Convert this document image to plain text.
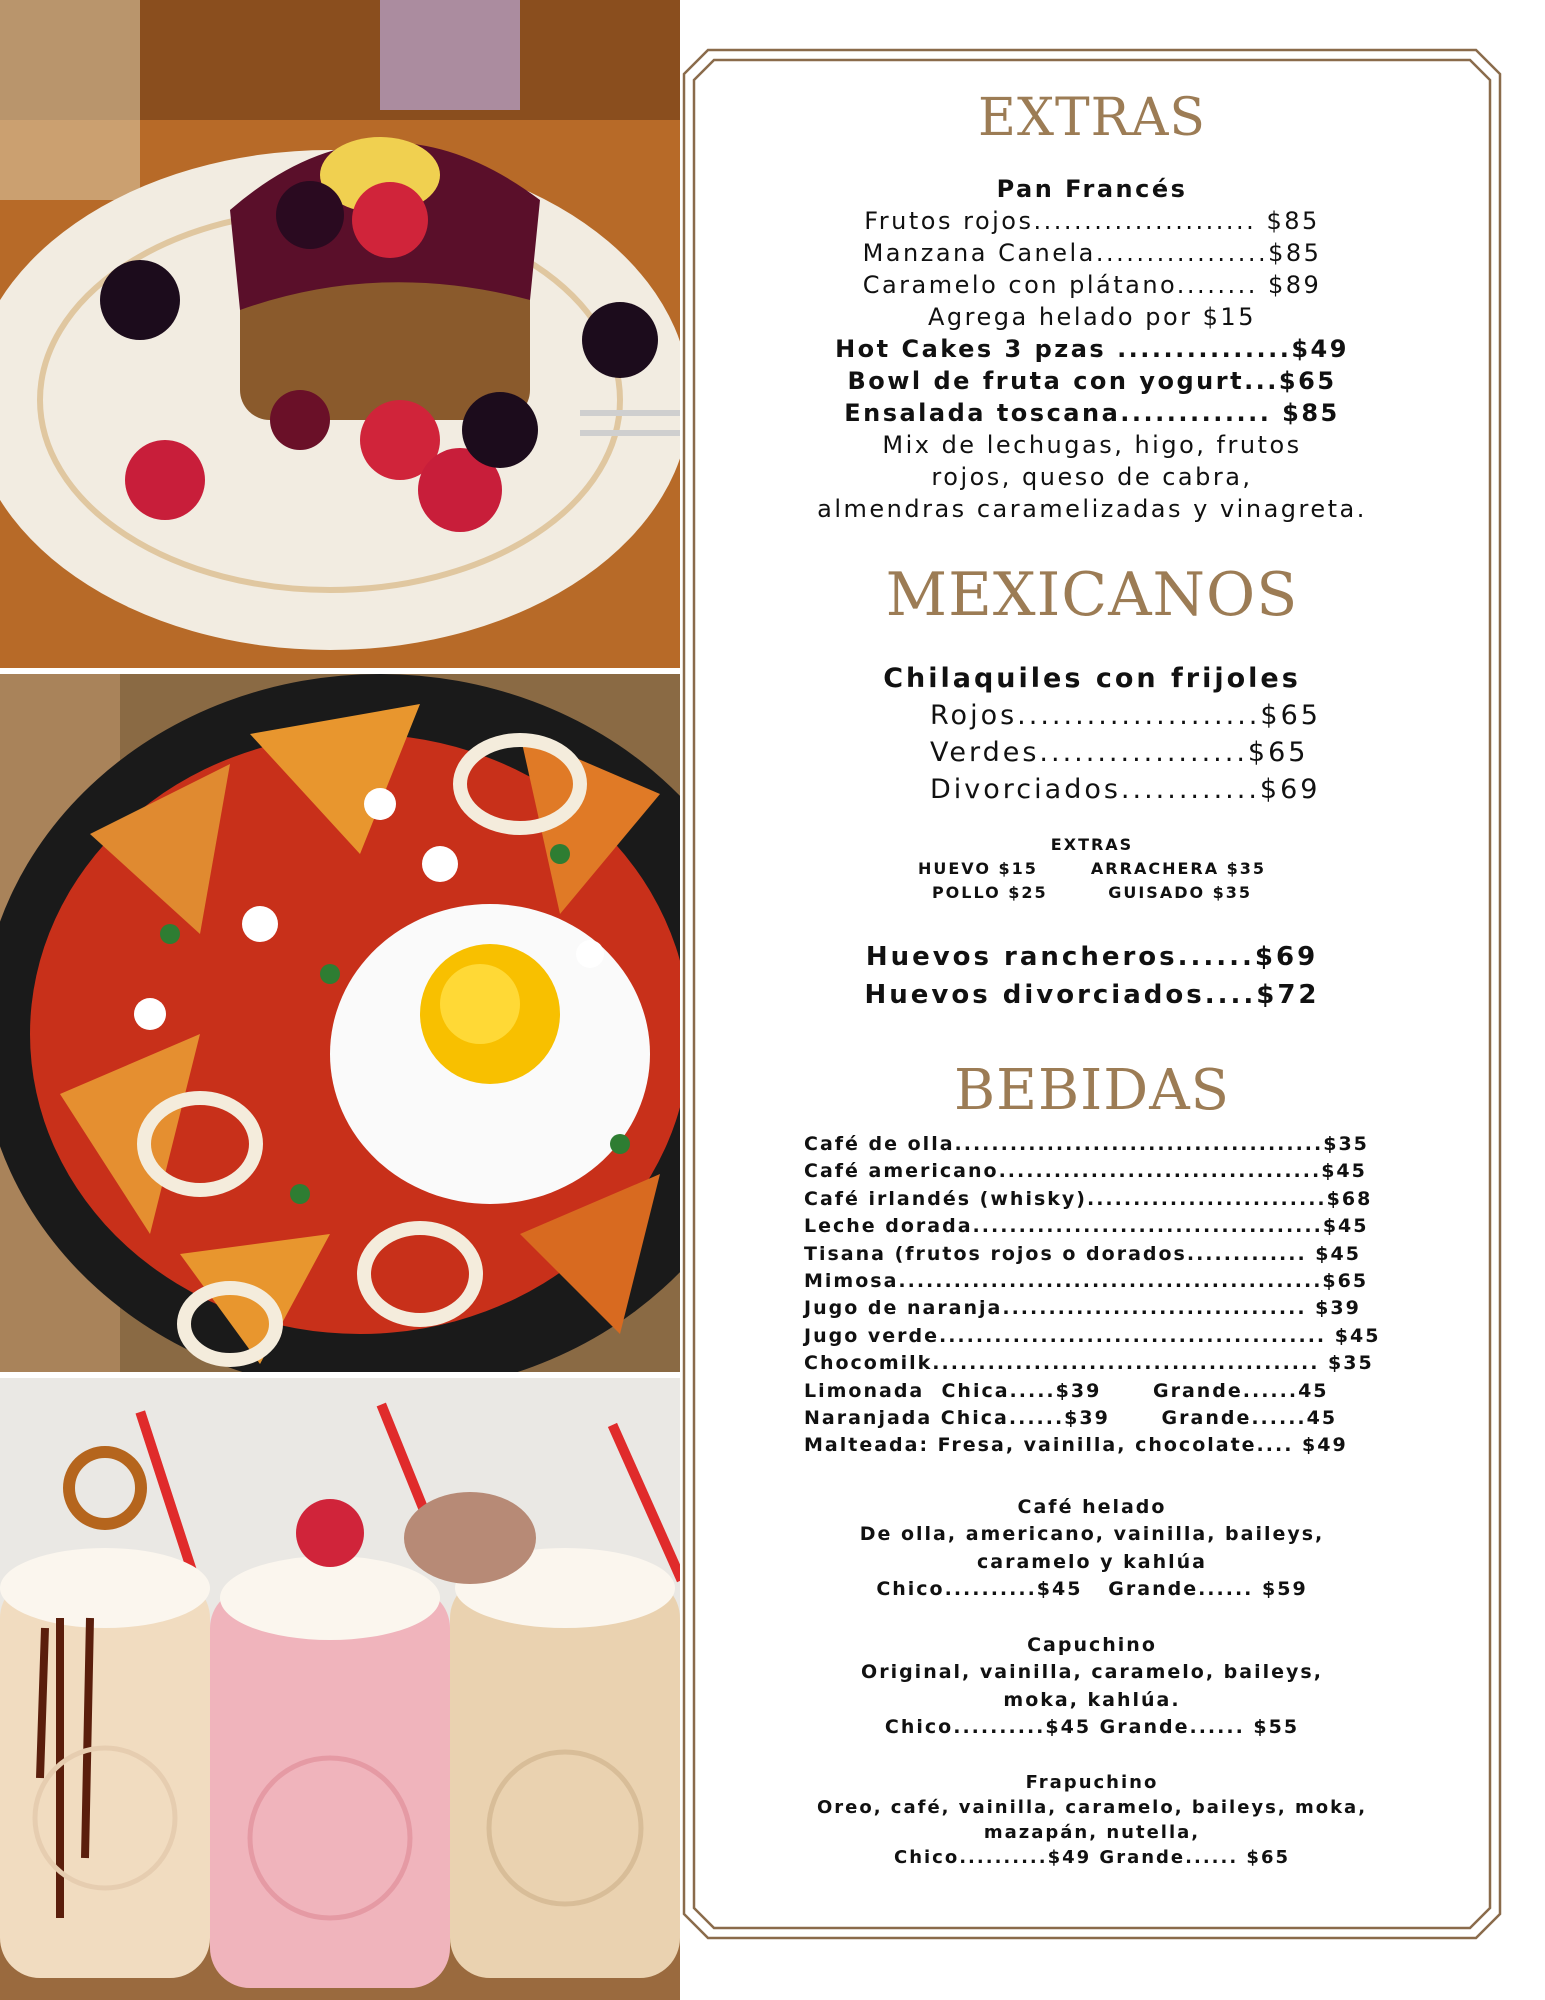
EXTRAS

Pan Francés

Frutos rojos...................... $85

Manzana Canela.................$85

Caramelo con plátano........ $89

Agrega helado por $15

Hot Cakes 3 pzas ...............$49

Bowl de fruta con yogurt...$65

Ensalada toscana............. $85

Mix de lechugas, higo, frutos

rojos, queso de cabra,

almendras caramelizadas y vinagreta.

MEXICANOS

Chilaquiles con frijoles

Rojos.....................$65

Verdes..................$65

Divorciados............$69

EXTRAS

HUEVO $15       ARRACHERA $35

POLLO $25        GUISADO $35

Huevos rancheros......$69

Huevos divorciados....$72

BEBIDAS

Café de olla........................................$35

Café americano...................................$45

Café irlandés (whisky)..........................$68

Leche dorada......................................$45

Tisana (frutos rojos o dorados............. $45

Mimosa..............................................$65

Jugo de naranja................................. $39

Jugo verde.......................................... $45

Chocomilk.......................................... $35

Limonada  Chica.....$39      Grande......45

Naranjada Chica......$39      Grande......45

Malteada: Fresa, vainilla, chocolate.... $49

Café helado

De olla, americano, vainilla, baileys,

caramelo y kahlúa

Chico..........$45   Grande...... $59

Capuchino

Original, vainilla, caramelo, baileys,

moka, kahlúa.

Chico..........$45 Grande...... $55

Frapuchino

Oreo, café, vainilla, caramelo, baileys, moka,

mazapán, nutella,

Chico..........$49 Grande...... $65
